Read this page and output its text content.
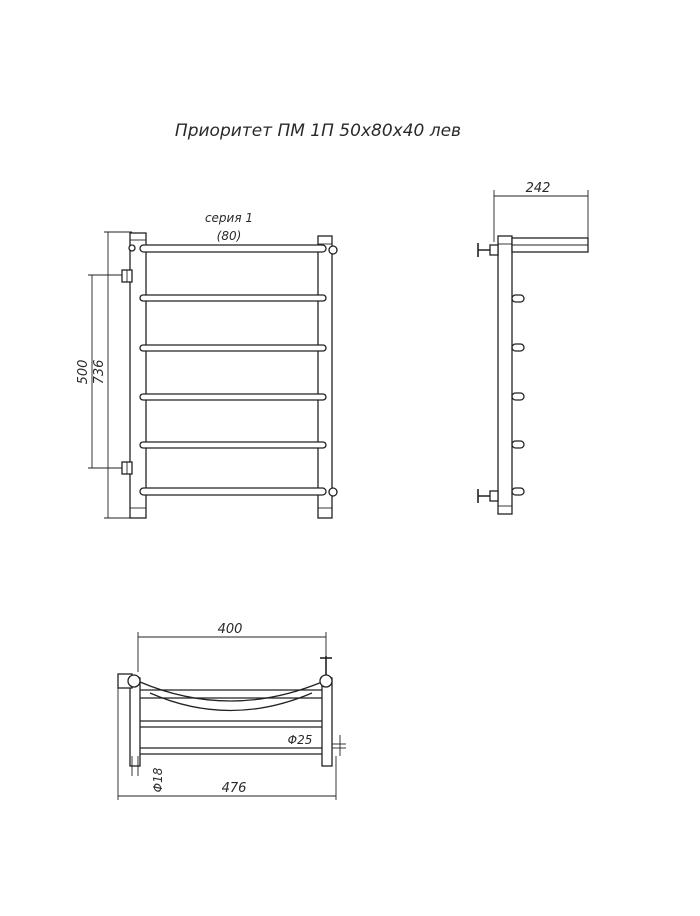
Приоритет ПМ 1П 50х80х40 лев
серия 1
(80)
736
500
242
400
476
Φ25
Φ18
